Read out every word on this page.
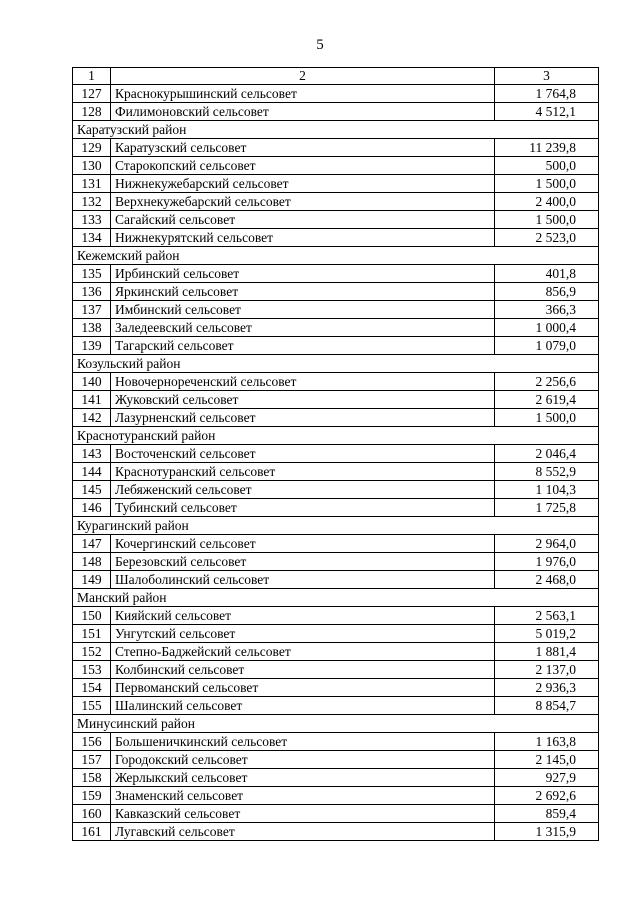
5
1	2	3
127	Краснокурышинский сельсовет	1 764,8
128	Филимоновский сельсовет	4 512,1
Каратузский район		
129	Каратузский сельсовет	11 239,8
130	Старокопский сельсовет	500,0
131	Нижнекужебарский сельсовет	1 500,0
132	Верхнекужебарский сельсовет	2 400,0
133	Сагайский сельсовет	1 500,0
134	Нижнекурятский сельсовет	2 523,0
Кежемский район		
135	Ирбинский сельсовет	401,8
136	Яркинский сельсовет	856,9
137	Имбинский сельсовет	366,3
138	Заледеевский сельсовет	1 000,4
139	Тагарский сельсовет	1 079,0
Козульский район		
140	Новочернореченский сельсовет	2 256,6
141	Жуковский сельсовет	2 619,4
142	Лазурненский сельсовет	1 500,0
Краснотуранский район		
143	Восточенский сельсовет	2 046,4
144	Краснотуранский сельсовет	8 552,9
145	Лебяженский сельсовет	1 104,3
146	Тубинский сельсовет	1 725,8
Курагинский район		
147	Кочергинский сельсовет	2 964,0
148	Березовский сельсовет	1 976,0
149	Шалоболинский сельсовет	2 468,0
Манский район		
150	Кияйский сельсовет	2 563,1
151	Унгутский сельсовет	5 019,2
152	Степно-Баджейский сельсовет	1 881,4
153	Колбинский сельсовет	2 137,0
154	Первоманский сельсовет	2 936,3
155	Шалинский сельсовет	8 854,7
Минусинский район		
156	Большеничкинский сельсовет	1 163,8
157	Городокский сельсовет	2 145,0
158	Жерлыкский сельсовет	927,9
159	Знаменский сельсовет	2 692,6
160	Кавказский сельсовет	859,4
161	Лугавский сельсовет	1 315,9
